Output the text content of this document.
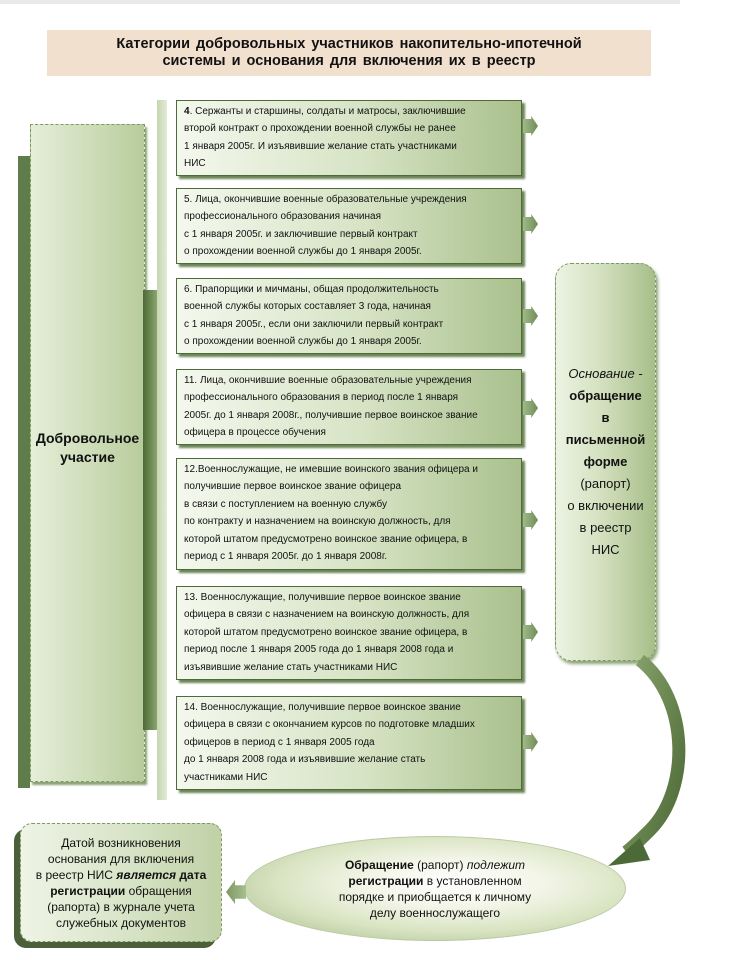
Категории добровольных участников накопительно-ипотечной
системы и основания для включения их в реестр
Добровольное
участие
4. Сержанты и старшины, солдаты и матросы, заключившие
второй контракт о прохождении военной службы не ранее
1 января 2005г. И изъявившие желание стать участниками
НИС
5. Лица, окончившие военные образовательные учреждения
профессионального образования начиная
с 1 января 2005г. и заключившие первый контракт
о прохождении военной службы до 1 января 2005г.
6. Прапорщики и мичманы, общая продолжительность
военной службы которых составляет 3 года, начиная
с 1 января 2005г., если они заключили первый контракт
о прохождении военной службы до 1 января 2005г.
11. Лица, окончившие военные образовательные учреждения
профессионального образования в период после 1 января
2005г. до 1 января 2008г., получившие первое воинское звание
офицера в процессе обучения
12.Военнослужащие, не имевшие воинского звания офицера и
получившие первое воинское звание офицера
в связи с поступлением на военную службу
по контракту и назначением на воинскую должность, для
которой штатом предусмотрено воинское звание офицера, в
период с 1 января 2005г. до 1 января 2008г.
13. Военнослужащие, получившие первое воинское звание
офицера в связи с назначением на воинскую должность, для
которой штатом предусмотрено воинское звание офицера, в
период после 1 января 2005 года до 1 января 2008 года и
изъявившие желание стать участниками НИС
14. Военнослужащие, получившие первое воинское звание
офицера в связи с окончанием курсов по подготовке младших
офицеров в период с 1 января 2005 года
до 1 января 2008 года и изъявившие желание стать
участниками НИС
Основание -
обращение
в
письменной
форме
(рапорт)
о включении
в реестр
НИС
Обращение (рапорт) подлежит
регистрации в установленном
порядке и приобщается к личному
делу военнослужащего
Датой возникновения
основания для включения
в реестр НИС является дата
регистрации обращения
(рапорта) в журнале учета
служебных документов
